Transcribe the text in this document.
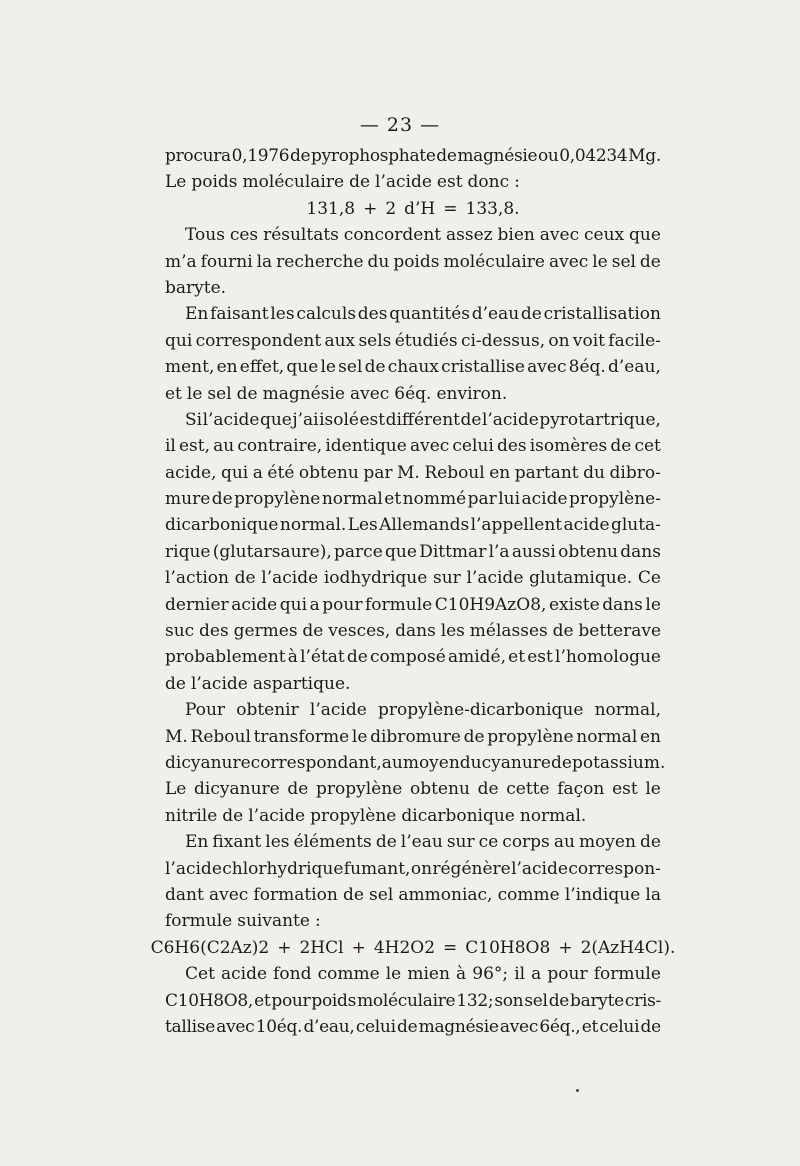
— 23 —
procura 0,1976 de pyrophosphate de magnésie ou 0,04234 Mg.
Le poids moléculaire de l’acide est donc :
131,8 + 2 d’H = 133,8.
Tous ces résultats concordent assez bien avec ceux que
m’a fourni la recherche du poids moléculaire avec le sel de
baryte.
En faisant les calculs des quantités d’eau de cristallisation
qui correspondent aux sels étudiés ci-dessus, on voit facile-
ment, en effet, que le sel de chaux cristallise avec 8éq. d’eau,
et le sel de magnésie avec 6éq. environ.
Si l’acide que j’ai isolé est différent de l’acide pyrotartrique,
il est, au contraire, identique avec celui des isomères de cet
acide, qui a été obtenu par M. Reboul en partant du dibro-
mure de propylène normal et nommé par lui acide propylène-
dicarbonique normal. Les Allemands l’appellent acide gluta-
rique (glutarsaure), parce que Dittmar l’a aussi obtenu dans
l’action de l’acide iodhydrique sur l’acide glutamique. Ce
dernier acide qui a pour formule C10H9AzO8, existe dans le
suc des germes de vesces, dans les mélasses de betterave
probablement à l’état de composé amidé, et est l’homologue
de l’acide aspartique.
Pour obtenir l’acide propylène-dicarbonique normal,
M. Reboul transforme le dibromure de propylène normal en
dicyanure correspondant, au moyen du cyanure de potassium.
Le dicyanure de propylène obtenu de cette façon est le
nitrile de l’acide propylène dicarbonique normal.
En fixant les éléments de l’eau sur ce corps au moyen de
l’acide chlorhydrique fumant, on régénère l’acide correspon-
dant avec formation de sel ammoniac, comme l’indique la
formule suivante :
C6H6(C2Az)2 + 2HCl + 4H2O2 = C10H8O8 + 2(AzH4Cl).
Cet acide fond comme le mien à 96°; il a pour formule
C10H8O8, et pour poids moléculaire 132; son sel de baryte cris-
tallise avec 10éq. d’eau, celui de magnésie avec 6éq., et celui de
